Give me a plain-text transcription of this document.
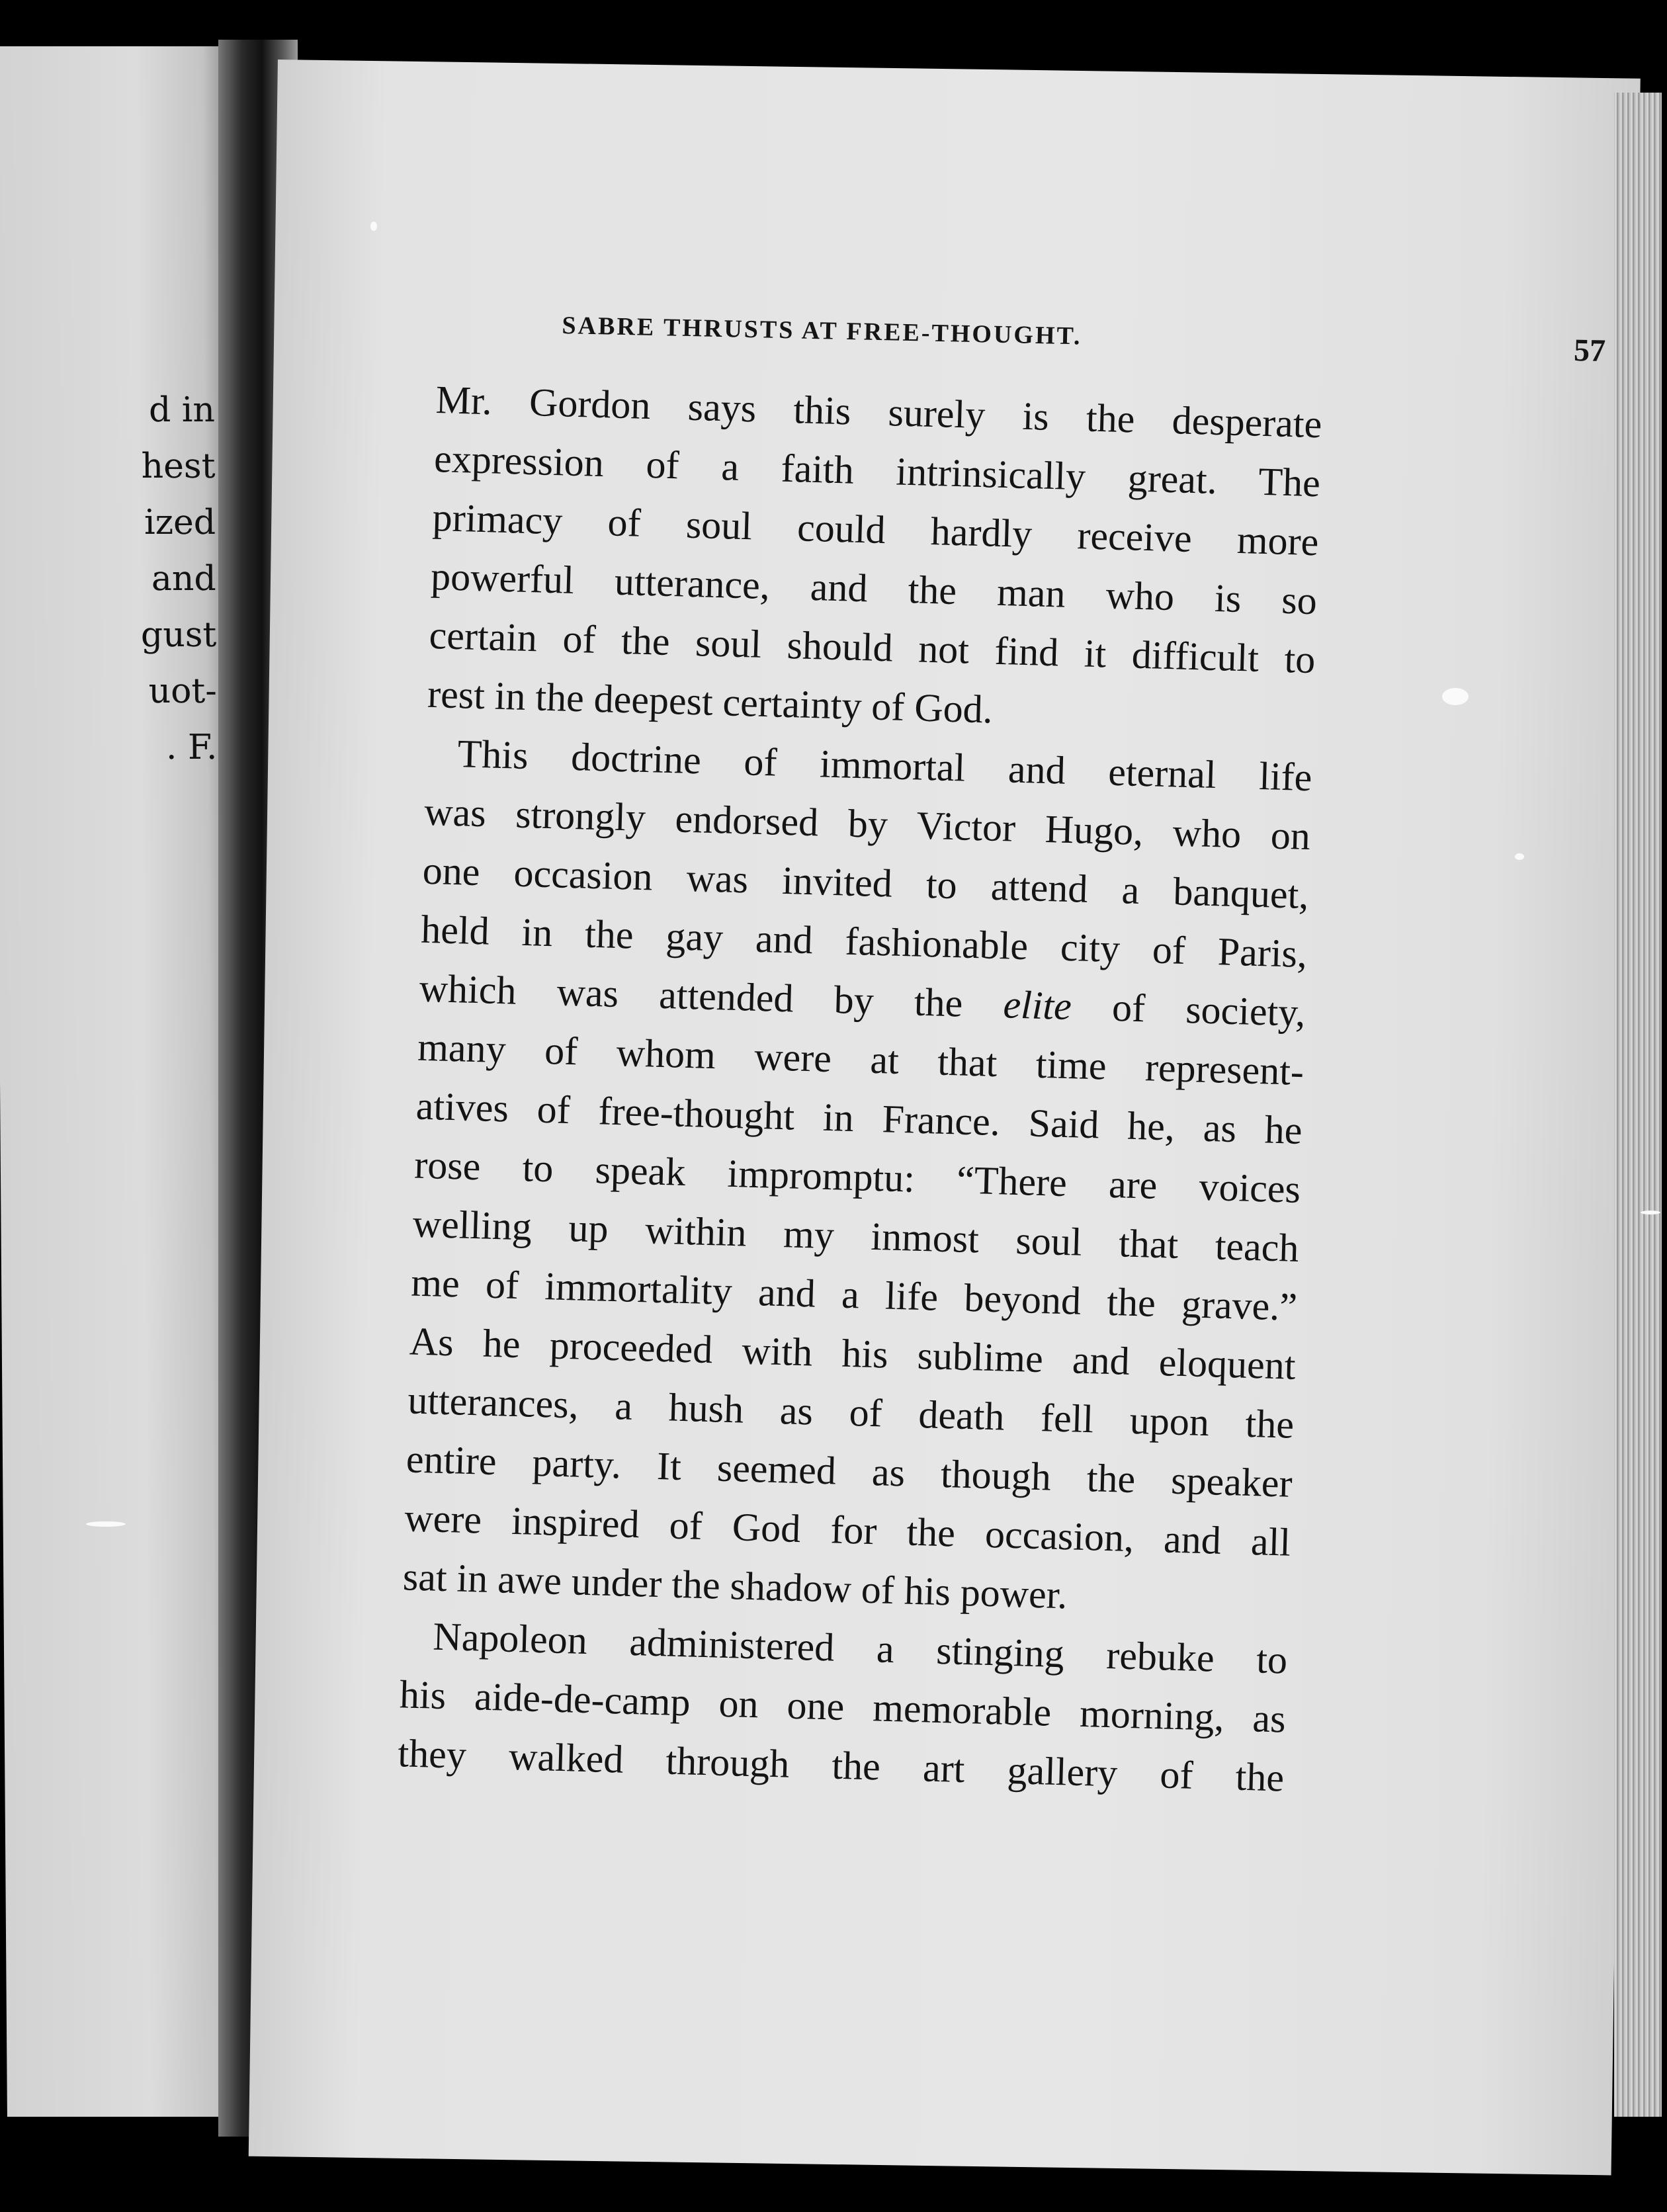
d in
hest
ized
and
gust
uot-
. F.
SABRE THRUSTS AT FREE-THOUGHT.
57
Mr. Gordon says this surely is the desperate
expression of a faith intrinsically great. The
primacy of soul could hardly receive more
powerful utterance, and the man who is so
certain of the soul should not find it difficult to
rest in the deepest certainty of God.
This doctrine of immortal and eternal life
was strongly endorsed by Victor Hugo, who on
one occasion was invited to attend a banquet,
held in the gay and fashionable city of Paris,
which was attended by the elite of society,
many of whom were at that time represent-
atives of free-thought in France. Said he, as he
rose to speak impromptu: “There are voices
welling up within my inmost soul that teach
me of immortality and a life beyond the grave.”
As he proceeded with his sublime and eloquent
utterances, a hush as of death fell upon the
entire party. It seemed as though the speaker
were inspired of God for the occasion, and all
sat in awe under the shadow of his power.
Napoleon administered a stinging rebuke to
his aide-de-camp on one memorable morning, as
they walked through the art gallery of the
